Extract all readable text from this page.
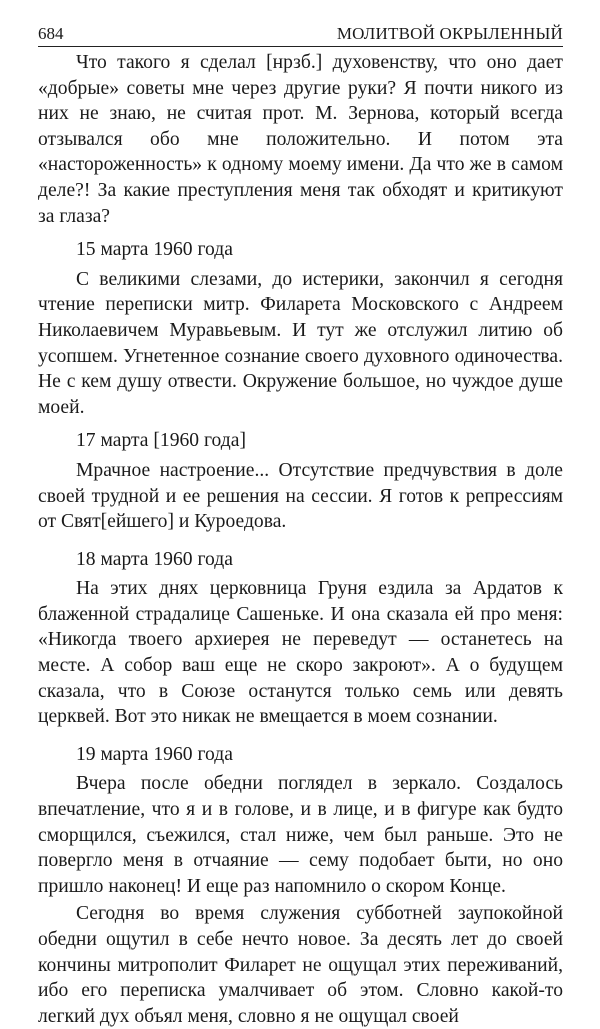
684	МОЛИТВОЙ ОКРЫЛЕННЫЙ

Что такого я сделал [нрзб.] духовенству, что оно дает «добрые» советы мне через другие руки? Я почти никого из них не знаю, не считая прот. М. Зернова, который всегда отзывался обо мне положительно. И потом эта «настороженность» к одному моему имени. Да что же в самом деле?! За какие преступления меня так обходят и критикуют за глаза?

15 марта 1960 года

С великими слезами, до истерики, закончил я сегодня чтение переписки митр. Филарета Московского с Андреем Николаевичем Муравьевым. И тут же отслужил литию об усопшем. Угнетенное сознание своего духовного одиночества. Не с кем душу отвести. Окружение большое, но чуждое душе моей.

17 марта [1960 года]

Мрачное настроение... Отсутствие предчувствия в доле своей трудной и ее решения на сессии. Я готов к репрессиям от Свят[ейшего] и Куроедова.

18 марта 1960 года

На этих днях церковница Груня ездила за Ардатов к блаженной страдалице Сашеньке. И она сказала ей про меня: «Никогда твоего архиерея не переведут — останетесь на месте. А собор ваш еще не скоро закроют». А о будущем сказала, что в Союзе останутся только семь или девять церквей. Вот это никак не вмещается в моем сознании.

19 марта 1960 года

Вчера после обедни поглядел в зеркало. Создалось впечатление, что я и в голове, и в лице, и в фигуре как будто сморщился, съежился, стал ниже, чем был раньше. Это не повергло меня в отчаяние — сему подобает быти, но оно пришло наконец! И еще раз напомнило о скором Конце.

Сегодня во время служения субботней заупокойной обедни ощутил в себе нечто новое. За десять лет до своей кончины митрополит Филарет не ощущал этих переживаний, ибо его переписка умалчивает об этом. Словно какой-то легкий дух объял меня, словно я не ощущал своей
